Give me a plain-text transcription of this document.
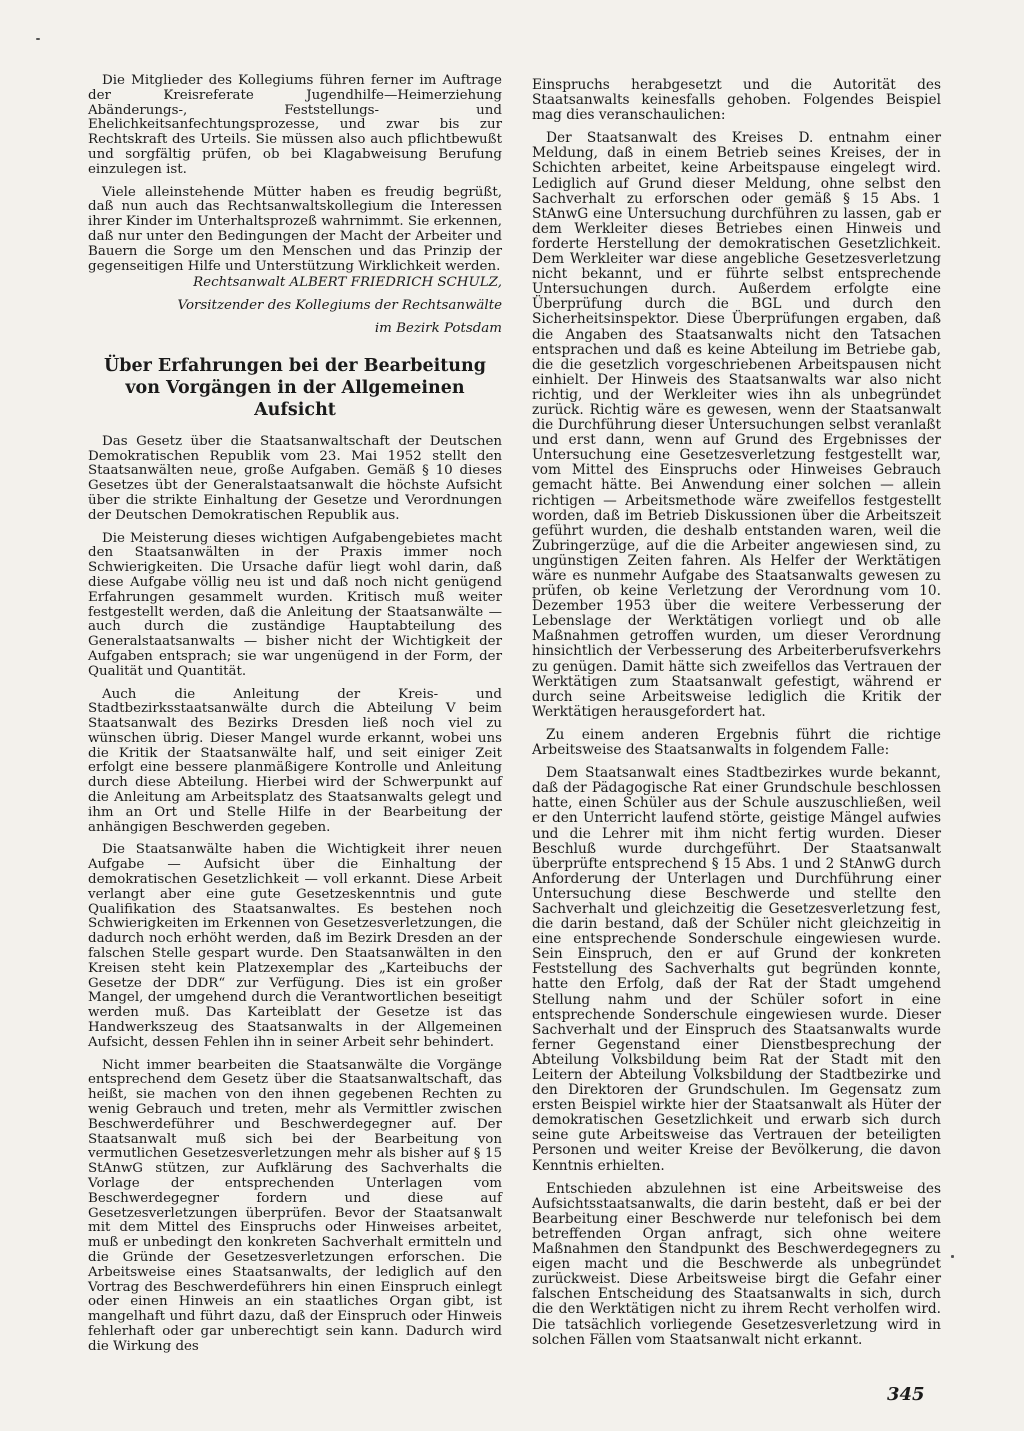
Die Mitglieder des Kollegiums führen ferner im Auftrage der Kreisreferate Jugendhilfe—Heimerziehung Abänderungs-, Feststellungs- und Ehelichkeitsanfechtungsprozesse, und zwar bis zur Rechtskraft des Urteils. Sie müssen also auch pflichtbewußt und sorgfältig prüfen, ob bei Klagabweisung Berufung einzulegen ist.

Viele alleinstehende Mütter haben es freudig begrüßt, daß nun auch das Rechtsanwaltskollegium die Interessen ihrer Kinder im Unterhaltsprozeß wahrnimmt. Sie erkennen, daß nur unter den Bedingungen der Macht der Arbeiter und Bauern die Sorge um den Menschen und das Prinzip der gegenseitigen Hilfe und Unterstützung Wirklichkeit werden.

Rechtsanwalt ALBERT FRIEDRICH SCHULZ,

Vorsitzender des Kollegiums der Rechtsanwälte

im Bezirk Potsdam

Über Erfahrungen bei der Bearbeitung
von Vorgängen in der Allgemeinen Aufsicht

Das Gesetz über die Staatsanwaltschaft der Deutschen Demokratischen Republik vom 23. Mai 1952 stellt den Staatsanwälten neue, große Aufgaben. Gemäß § 10 dieses Gesetzes übt der Generalstaatsanwalt die höchste Aufsicht über die strikte Einhaltung der Gesetze und Verordnungen der Deutschen Demokratischen Republik aus.

Die Meisterung dieses wichtigen Aufgabengebietes macht den Staatsanwälten in der Praxis immer noch Schwierigkeiten. Die Ursache dafür liegt wohl darin, daß diese Aufgabe völlig neu ist und daß noch nicht genügend Erfahrungen gesammelt wurden. Kritisch muß weiter festgestellt werden, daß die Anleitung der Staatsanwälte — auch durch die zuständige Hauptabteilung des Generalstaatsanwalts — bisher nicht der Wichtigkeit der Aufgaben entsprach; sie war ungenügend in der Form, der Qualität und Quantität.

Auch die Anleitung der Kreis- und Stadtbezirksstaatsanwälte durch die Abteilung V beim Staatsanwalt des Bezirks Dresden ließ noch viel zu wünschen übrig. Dieser Mangel wurde erkannt, wobei uns die Kritik der Staatsanwälte half, und seit einiger Zeit erfolgt eine bessere planmäßigere Kontrolle und Anleitung durch diese Abteilung. Hierbei wird der Schwerpunkt auf die Anleitung am Arbeitsplatz des Staatsanwalts gelegt und ihm an Ort und Stelle Hilfe in der Bearbeitung der anhängigen Beschwerden gegeben.

Die Staatsanwälte haben die Wichtigkeit ihrer neuen Aufgabe — Aufsicht über die Einhaltung der demokratischen Gesetzlichkeit — voll erkannt. Diese Arbeit verlangt aber eine gute Gesetzeskenntnis und gute Qualifikation des Staatsanwaltes. Es bestehen noch Schwierigkeiten im Erkennen von Gesetzesverletzungen, die dadurch noch erhöht werden, daß im Bezirk Dresden an der falschen Stelle gespart wurde. Den Staatsanwälten in den Kreisen steht kein Platzexemplar des „Karteibuchs der Gesetze der DDR“ zur Verfügung. Dies ist ein großer Mangel, der umgehend durch die Verantwortlichen beseitigt werden muß. Das Karteiblatt der Gesetze ist das Handwerkszeug des Staatsanwalts in der Allgemeinen Aufsicht, dessen Fehlen ihn in seiner Arbeit sehr behindert.

Nicht immer bearbeiten die Staatsanwälte die Vorgänge entsprechend dem Gesetz über die Staatsanwaltschaft, das heißt, sie machen von den ihnen gegebenen Rechten zu wenig Gebrauch und treten, mehr als Vermittler zwischen Beschwerdeführer und Beschwerdegegner auf. Der Staatsanwalt muß sich bei der Bearbeitung von vermutlichen Gesetzesverletzungen mehr als bisher auf § 15 StAnwG stützen, zur Aufklärung des Sachverhalts die Vorlage der entsprechenden Unterlagen vom Beschwerdegegner fordern und diese auf Gesetzesverletzungen überprüfen. Bevor der Staatsanwalt mit dem Mittel des Einspruchs oder Hinweises arbeitet, muß er unbedingt den konkreten Sachverhalt ermitteln und die Gründe der Gesetzesverletzungen erforschen. Die Arbeitsweise eines Staatsanwalts, der lediglich auf den Vortrag des Beschwerdeführers hin einen Einspruch einlegt oder einen Hinweis an ein staatliches Organ gibt, ist mangelhaft und führt dazu, daß der Einspruch oder Hinweis fehlerhaft oder gar unberechtigt sein kann. Dadurch wird die Wirkung des

Einspruchs herabgesetzt und die Autorität des Staatsanwalts keinesfalls gehoben. Folgendes Beispiel mag dies veranschaulichen:

Der Staatsanwalt des Kreises D. entnahm einer Meldung, daß in einem Betrieb seines Kreises, der in Schichten arbeitet, keine Arbeitspause eingelegt wird. Lediglich auf Grund dieser Meldung, ohne selbst den Sachverhalt zu erforschen oder gemäß § 15 Abs. 1 StAnwG eine Untersuchung durchführen zu lassen, gab er dem Werkleiter dieses Betriebes einen Hinweis und forderte Herstellung der demokratischen Gesetzlichkeit. Dem Werkleiter war diese angebliche Gesetzesverletzung nicht bekannt, und er führte selbst entsprechende Untersuchungen durch. Außerdem erfolgte eine Überprüfung durch die BGL und durch den Sicherheitsinspektor. Diese Überprüfungen ergaben, daß die Angaben des Staatsanwalts nicht den Tatsachen entsprachen und daß es keine Abteilung im Betriebe gab, die die gesetzlich vorgeschriebenen Arbeitspausen nicht einhielt. Der Hinweis des Staatsanwalts war also nicht richtig, und der Werkleiter wies ihn als unbegründet zurück. Richtig wäre es gewesen, wenn der Staatsanwalt die Durchführung dieser Untersuchungen selbst veranlaßt und erst dann, wenn auf Grund des Ergebnisses der Untersuchung eine Gesetzesverletzung festgestellt war, vom Mittel des Einspruchs oder Hinweises Gebrauch gemacht hätte. Bei Anwendung einer solchen — allein richtigen — Arbeitsmethode wäre zweifellos festgestellt worden, daß im Betrieb Diskussionen über die Arbeitszeit geführt wurden, die deshalb entstanden waren, weil die Zubringerzüge, auf die die Arbeiter angewiesen sind, zu ungünstigen Zeiten fahren. Als Helfer der Werktätigen wäre es nunmehr Aufgabe des Staatsanwalts gewesen zu prüfen, ob keine Verletzung der Verordnung vom 10. Dezember 1953 über die weitere Verbesserung der Lebenslage der Werktätigen vorliegt und ob alle Maßnahmen getroffen wurden, um dieser Verordnung hinsichtlich der Verbesserung des Arbeiterberufsverkehrs zu genügen. Damit hätte sich zweifellos das Vertrauen der Werktätigen zum Staatsanwalt gefestigt, während er durch seine Arbeitsweise lediglich die Kritik der Werktätigen herausgefordert hat.

Zu einem anderen Ergebnis führt die richtige Arbeitsweise des Staatsanwalts in folgendem Falle:

Dem Staatsanwalt eines Stadtbezirkes wurde bekannt, daß der Pädagogische Rat einer Grundschule beschlossen hatte, einen Schüler aus der Schule auszuschließen, weil er den Unterricht laufend störte, geistige Mängel aufwies und die Lehrer mit ihm nicht fertig wurden. Dieser Beschluß wurde durchgeführt. Der Staatsanwalt überprüfte entsprechend § 15 Abs. 1 und 2 StAnwG durch Anforderung der Unterlagen und Durchführung einer Untersuchung diese Beschwerde und stellte den Sachverhalt und gleichzeitig die Gesetzesverletzung fest, die darin bestand, daß der Schüler nicht gleichzeitig in eine entsprechende Sonderschule eingewiesen wurde. Sein Einspruch, den er auf Grund der konkreten Feststellung des Sachverhalts gut begründen konnte, hatte den Erfolg, daß der Rat der Stadt umgehend Stellung nahm und der Schüler sofort in eine entsprechende Sonderschule eingewiesen wurde. Dieser Sachverhalt und der Einspruch des Staatsanwalts wurde ferner Gegenstand einer Dienstbesprechung der Abteilung Volksbildung beim Rat der Stadt mit den Leitern der Abteilung Volksbildung der Stadtbezirke und den Direktoren der Grundschulen. Im Gegensatz zum ersten Beispiel wirkte hier der Staatsanwalt als Hüter der demokratischen Gesetzlichkeit und erwarb sich durch seine gute Arbeitsweise das Vertrauen der beteiligten Personen und weiter Kreise der Bevölkerung, die davon Kenntnis erhielten.

Entschieden abzulehnen ist eine Arbeitsweise des Aufsichtsstaatsanwalts, die darin besteht, daß er bei der Bearbeitung einer Beschwerde nur telefonisch bei dem betreffenden Organ anfragt, sich ohne weitere Maßnahmen den Standpunkt des Beschwerdegegners zu eigen macht und die Beschwerde als unbegründet zurückweist. Diese Arbeitsweise birgt die Gefahr einer falschen Entscheidung des Staatsanwalts in sich, durch die den Werktätigen nicht zu ihrem Recht verholfen wird. Die tatsächlich vorliegende Gesetzesverletzung wird in solchen Fällen vom Staatsanwalt nicht erkannt.

345
